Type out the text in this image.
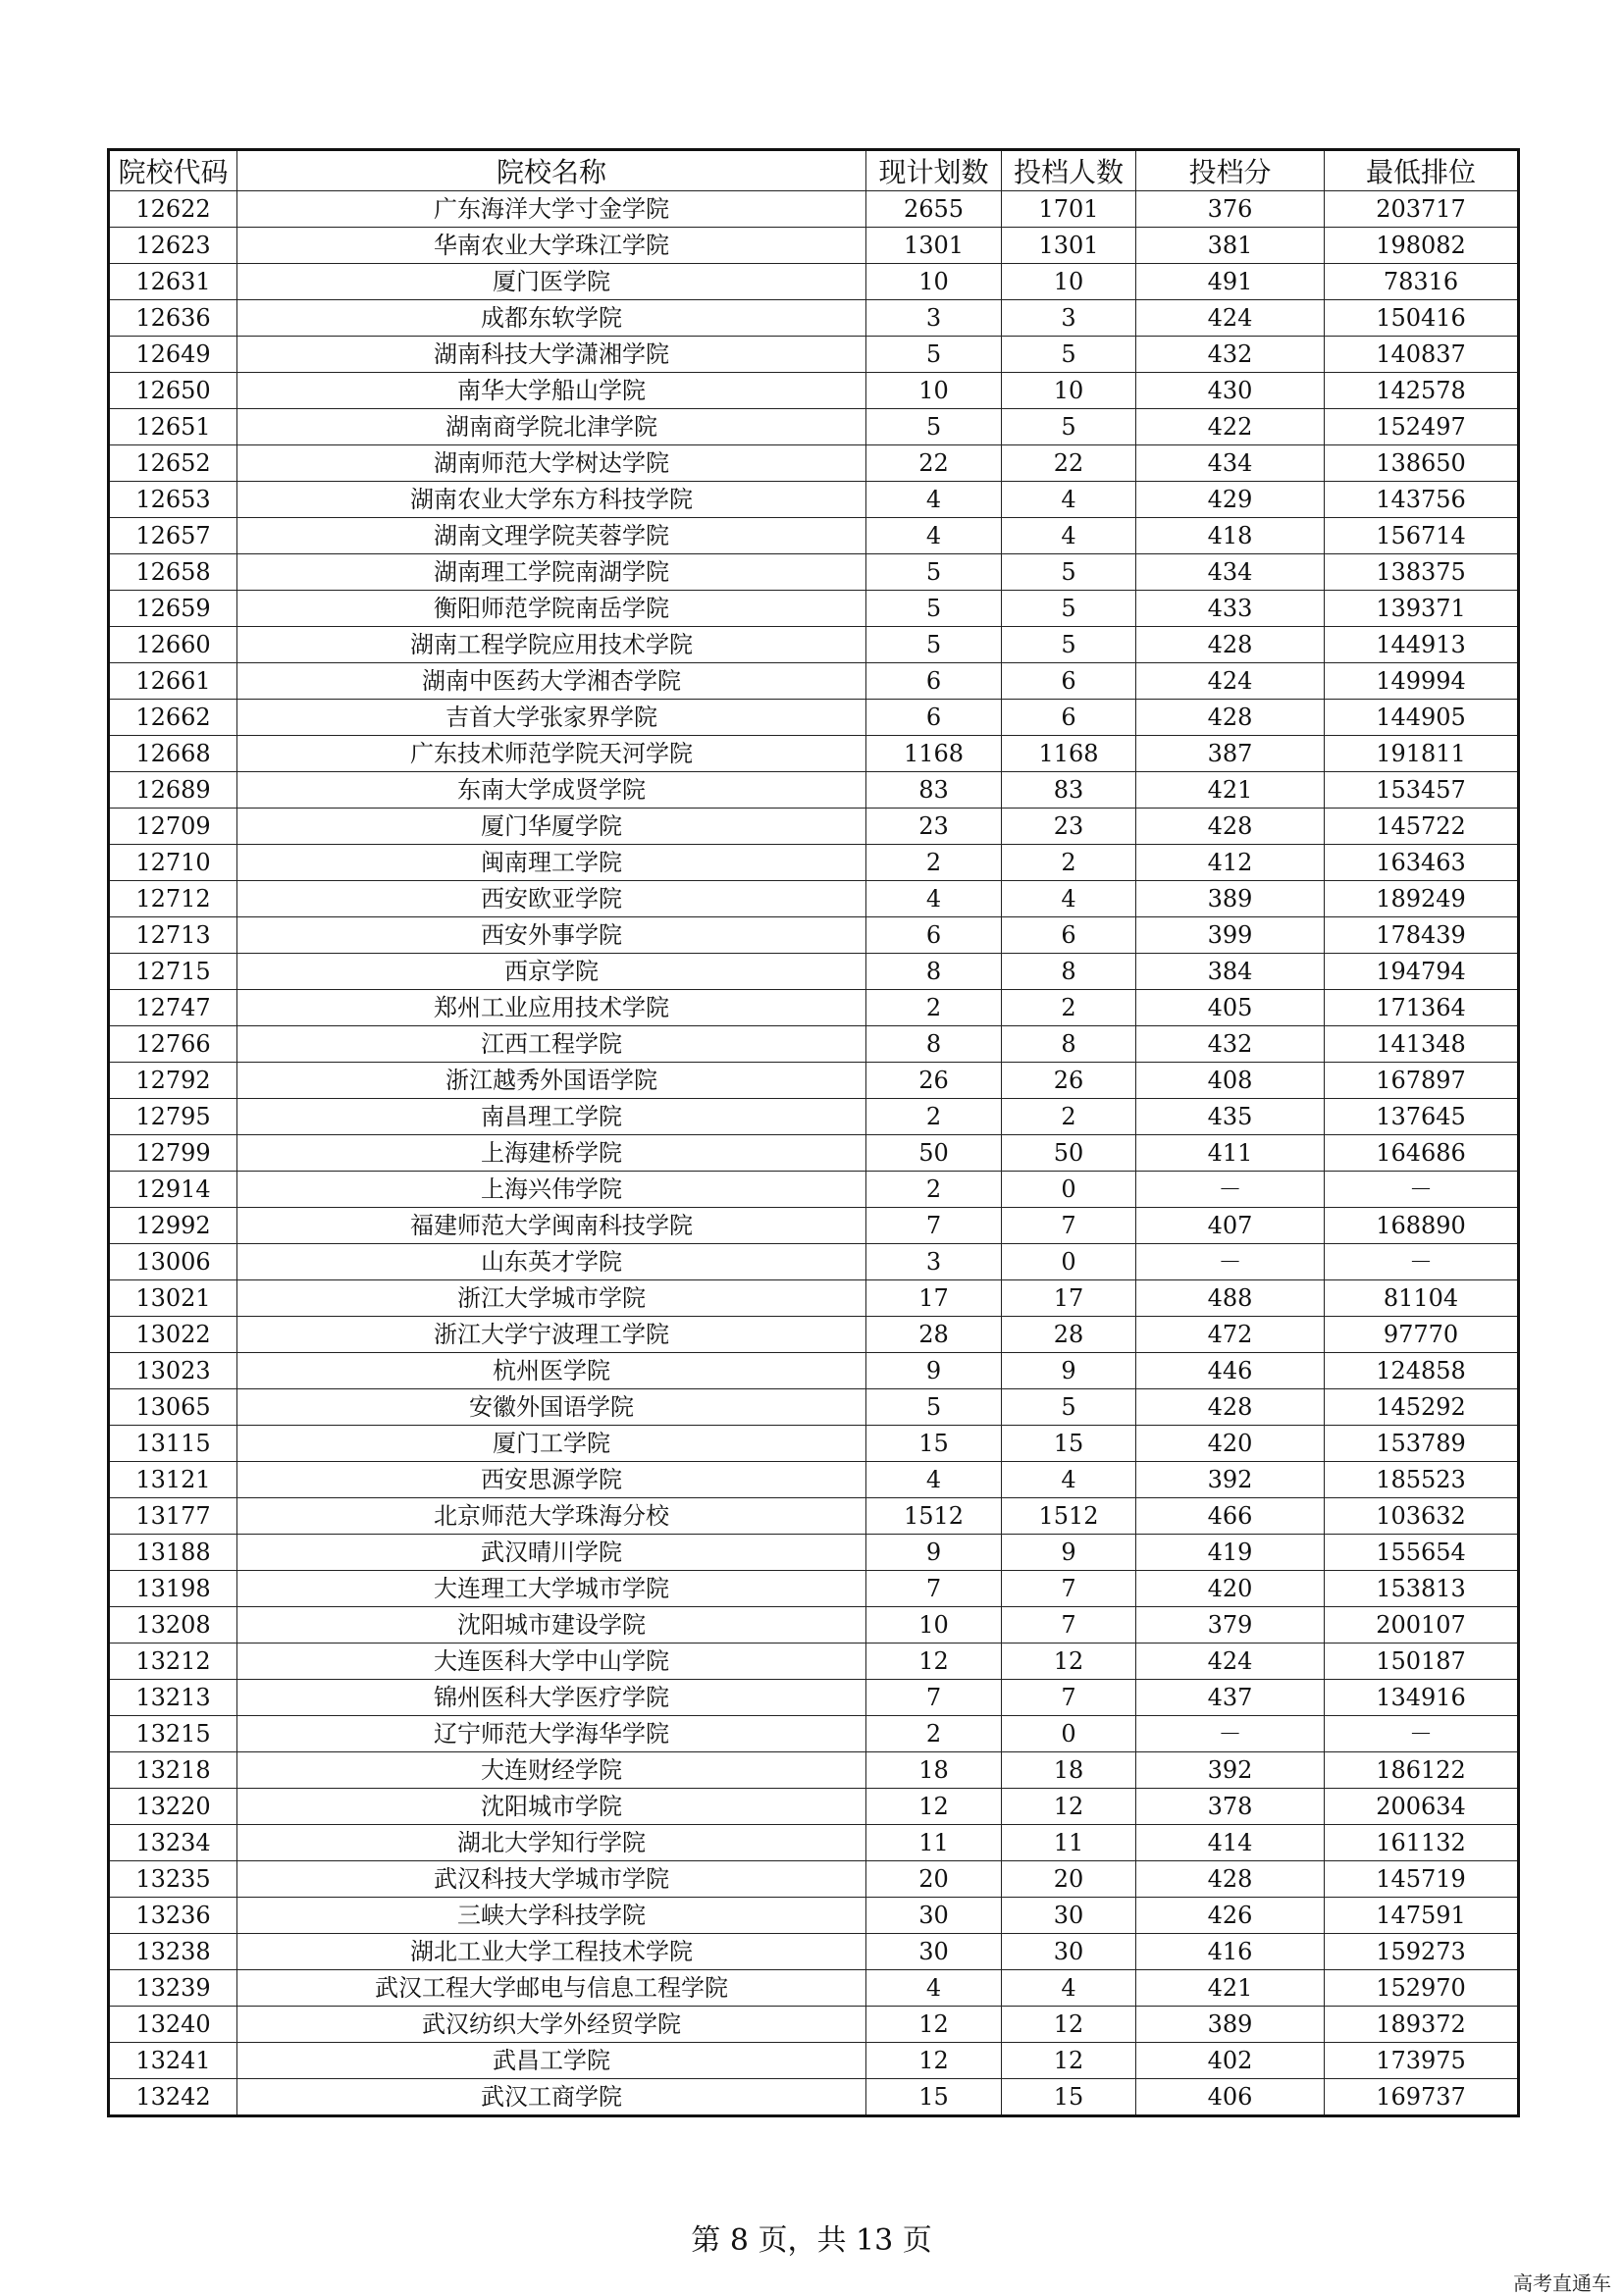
院校代码	院校名称	现计划数	投档人数	投档分	最低排位
12622	广东海洋大学寸金学院	2655	1701	376	203717
12623	华南农业大学珠江学院	1301	1301	381	198082
12631	厦门医学院	10	10	491	78316
12636	成都东软学院	3	3	424	150416
12649	湖南科技大学潇湘学院	5	5	432	140837
12650	南华大学船山学院	10	10	430	142578
12651	湖南商学院北津学院	5	5	422	152497
12652	湖南师范大学树达学院	22	22	434	138650
12653	湖南农业大学东方科技学院	4	4	429	143756
12657	湖南文理学院芙蓉学院	4	4	418	156714
12658	湖南理工学院南湖学院	5	5	434	138375
12659	衡阳师范学院南岳学院	5	5	433	139371
12660	湖南工程学院应用技术学院	5	5	428	144913
12661	湖南中医药大学湘杏学院	6	6	424	149994
12662	吉首大学张家界学院	6	6	428	144905
12668	广东技术师范学院天河学院	1168	1168	387	191811
12689	东南大学成贤学院	83	83	421	153457
12709	厦门华厦学院	23	23	428	145722
12710	闽南理工学院	2	2	412	163463
12712	西安欧亚学院	4	4	389	189249
12713	西安外事学院	6	6	399	178439
12715	西京学院	8	8	384	194794
12747	郑州工业应用技术学院	2	2	405	171364
12766	江西工程学院	8	8	432	141348
12792	浙江越秀外国语学院	26	26	408	167897
12795	南昌理工学院	2	2	435	137645
12799	上海建桥学院	50	50	411	164686
12914	上海兴伟学院	2	0	－	－
12992	福建师范大学闽南科技学院	7	7	407	168890
13006	山东英才学院	3	0	－	－
13021	浙江大学城市学院	17	17	488	81104
13022	浙江大学宁波理工学院	28	28	472	97770
13023	杭州医学院	9	9	446	124858
13065	安徽外国语学院	5	5	428	145292
13115	厦门工学院	15	15	420	153789
13121	西安思源学院	4	4	392	185523
13177	北京师范大学珠海分校	1512	1512	466	103632
13188	武汉晴川学院	9	9	419	155654
13198	大连理工大学城市学院	7	7	420	153813
13208	沈阳城市建设学院	10	7	379	200107
13212	大连医科大学中山学院	12	12	424	150187
13213	锦州医科大学医疗学院	7	7	437	134916
13215	辽宁师范大学海华学院	2	0	－	－
13218	大连财经学院	18	18	392	186122
13220	沈阳城市学院	12	12	378	200634
13234	湖北大学知行学院	11	11	414	161132
13235	武汉科技大学城市学院	20	20	428	145719
13236	三峡大学科技学院	30	30	426	147591
13238	湖北工业大学工程技术学院	30	30	416	159273
13239	武汉工程大学邮电与信息工程学院	4	4	421	152970
13240	武汉纺织大学外经贸学院	12	12	389	189372
13241	武昌工学院	12	12	402	173975
13242	武汉工商学院	15	15	406	169737
第 8 页，共 13 页
高考直通车
